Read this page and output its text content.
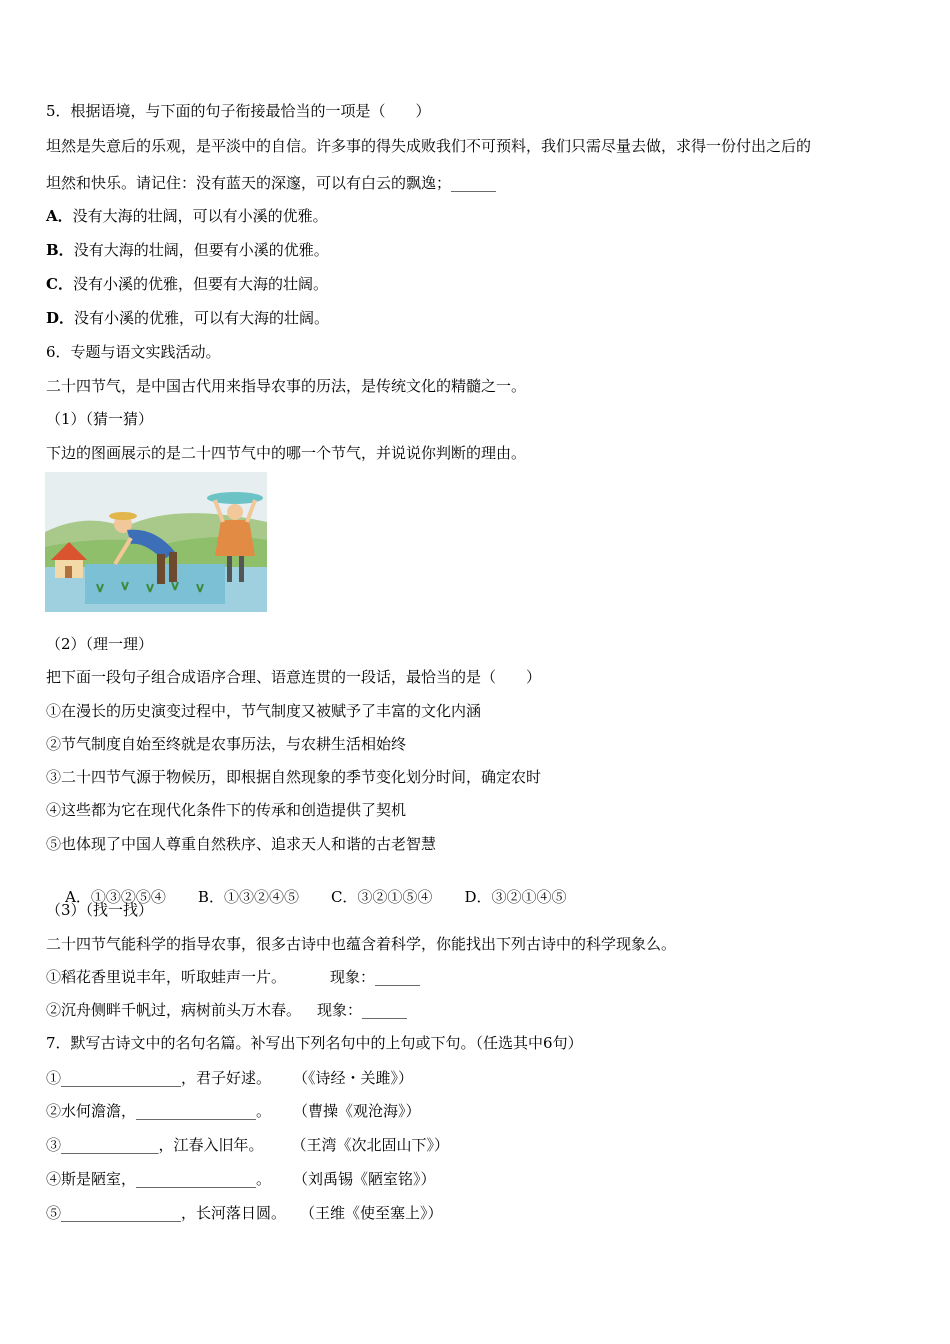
5．根据语境，与下面的句子衔接最恰当的一项是（　　）
坦然是失意后的乐观，是平淡中的自信。许多事的得失成败我们不可预料，我们只需尽量去做，求得一份付出之后的
坦然和快乐。请记住：没有蓝天的深邃，可以有白云的飘逸；______
A．没有大海的壮阔，可以有小溪的优雅。
B．没有大海的壮阔，但要有小溪的优雅。
C．没有小溪的优雅，但要有大海的壮阔。
D．没有小溪的优雅，可以有大海的壮阔。
6．专题与语文实践活动。
二十四节气，是中国古代用来指导农事的历法，是传统文化的精髓之一。
（1）（猜一猜）
下边的图画展示的是二十四节气中的哪一个节气，并说说你判断的理由。
（2）（理一理）
把下面一段句子组合成语序合理、语意连贯的一段话，最恰当的是（　　）
①在漫长的历史演变过程中，节气制度又被赋予了丰富的文化内涵
②节气制度自始至终就是农事历法，与农耕生活相始终
③二十四节气源于物候历，即根据自然现象的季节变化划分时间，确定农时
④这些都为它在现代化条件下的传承和创造提供了契机
⑤也体现了中国人尊重自然秩序、追求天人和谐的古老智慧

A．①③②⑤④ B．①③②④⑤ C．③②①⑤④ D．③②①④⑤

（3）（找一找）
二十四节气能科学的指导农事，很多古诗中也蕴含着科学，你能找出下列古诗中的科学现象么。
①稻花香里说丰年，听取蛙声一片。	现象：______
②沉舟侧畔千帆过，病树前头万木春。 现象：______
7．默写古诗文中的名句名篇。补写出下列名句中的上句或下句。（任选其中6句）
①________________，君子好逑。 （《诗经・关雎》）
②水何澹澹，________________。 （曹操《观沧海》）
③_____________，江春入旧年。 （王湾《次北固山下》）
④斯是陋室，________________。 （刘禹锡《陋室铭》）
⑤________________，长河落日圆。 （王维《使至塞上》）
